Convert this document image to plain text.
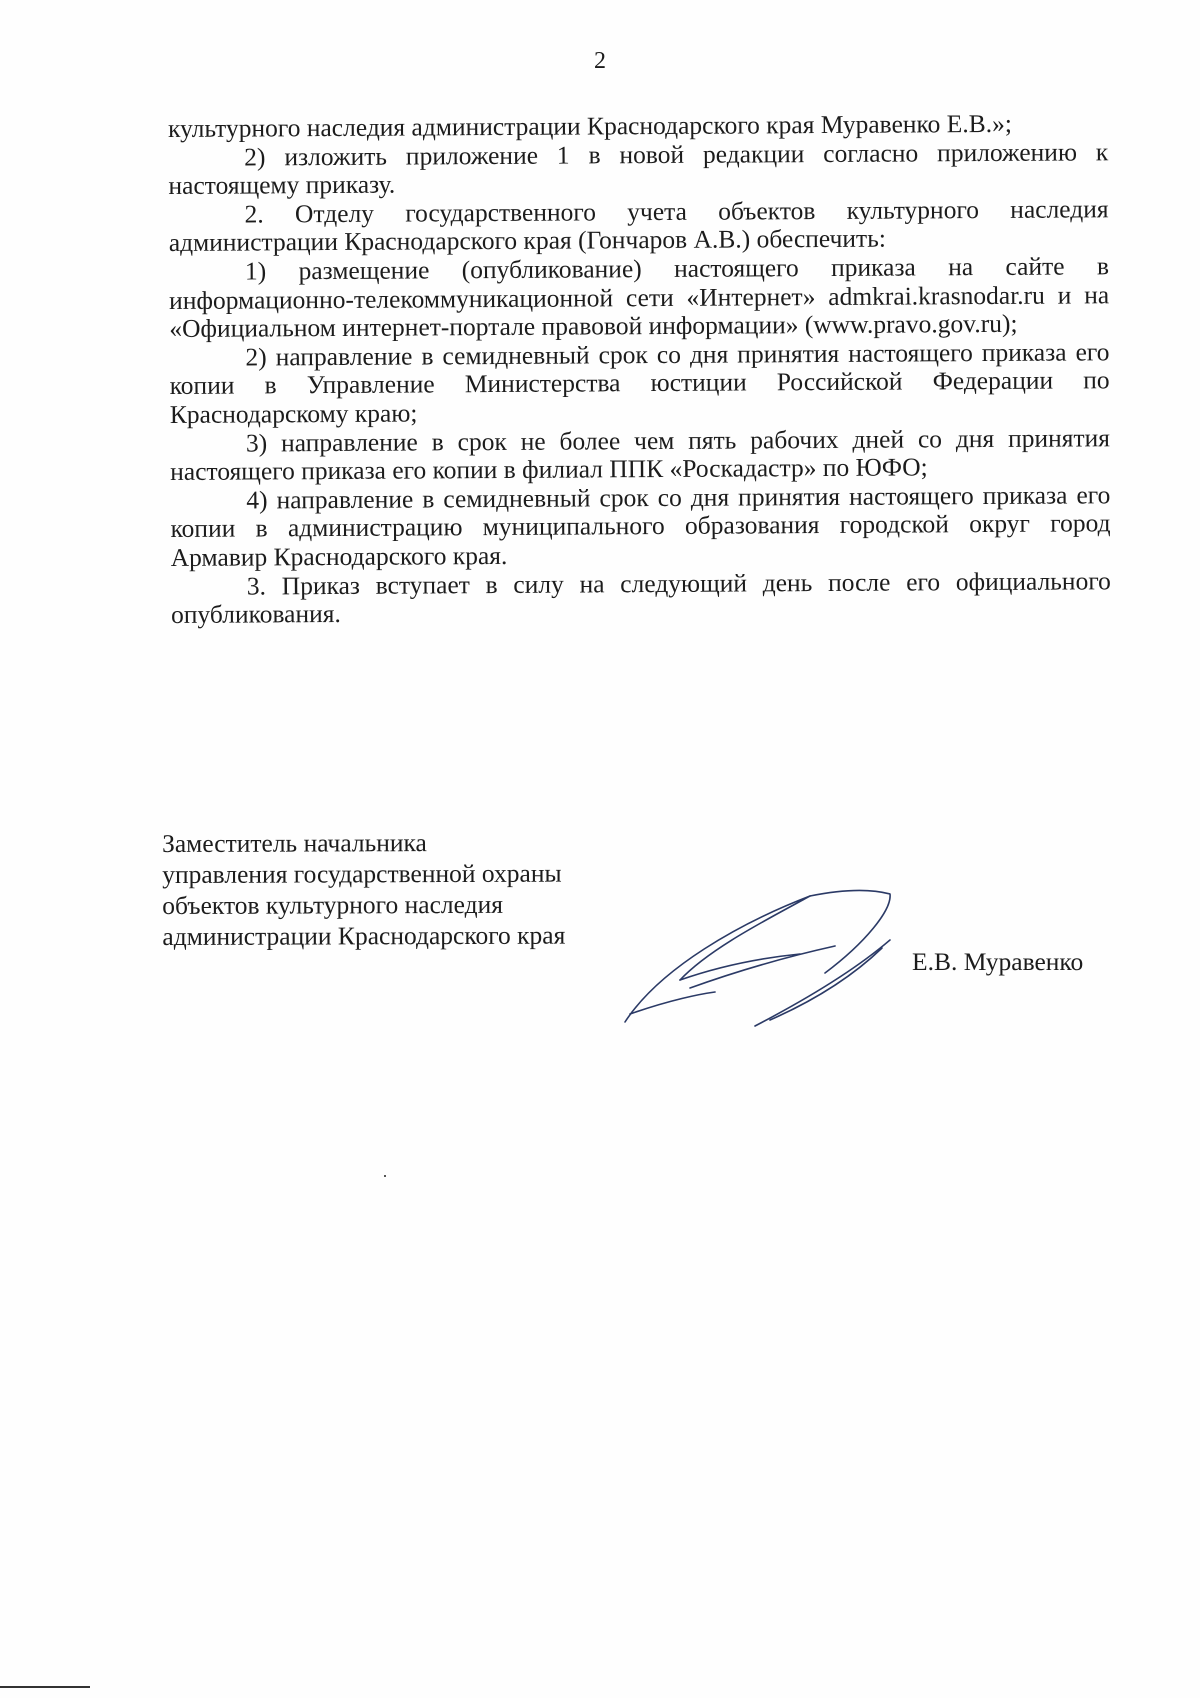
2

культурного наследия администрации Краснодарского края Муравенко Е.В.»;

2) изложить приложение 1 в новой редакции согласно приложению к настоящему приказу.

2. Отделу государственного учета объектов культурного наследия администрации Краснодарского края (Гончаров А.В.) обеспечить:

1) размещение (опубликование) настоящего приказа на сайте в информационно-телекоммуникационной сети «Интернет» admkrai.krasnodar.ru и на «Официальном интернет-портале правовой информации» (www.pravo.gov.ru);

2) направление в семидневный срок со дня принятия настоящего приказа его копии в Управление Министерства юстиции Российской Федерации по Краснодарскому краю;

3) направление в срок не более чем пять рабочих дней со дня принятия настоящего приказа его копии в филиал ППК «Роскадастр» по ЮФО;

4) направление в семидневный срок со дня принятия настоящего приказа его копии в администрацию муниципального образования городской округ город Армавир Краснодарского края.

3. Приказ вступает в силу на следующий день после его официального опубликования.

Заместитель начальника
управления государственной охраны
объектов культурного наследия
администрации Краснодарского края
Е.В. Муравенко
